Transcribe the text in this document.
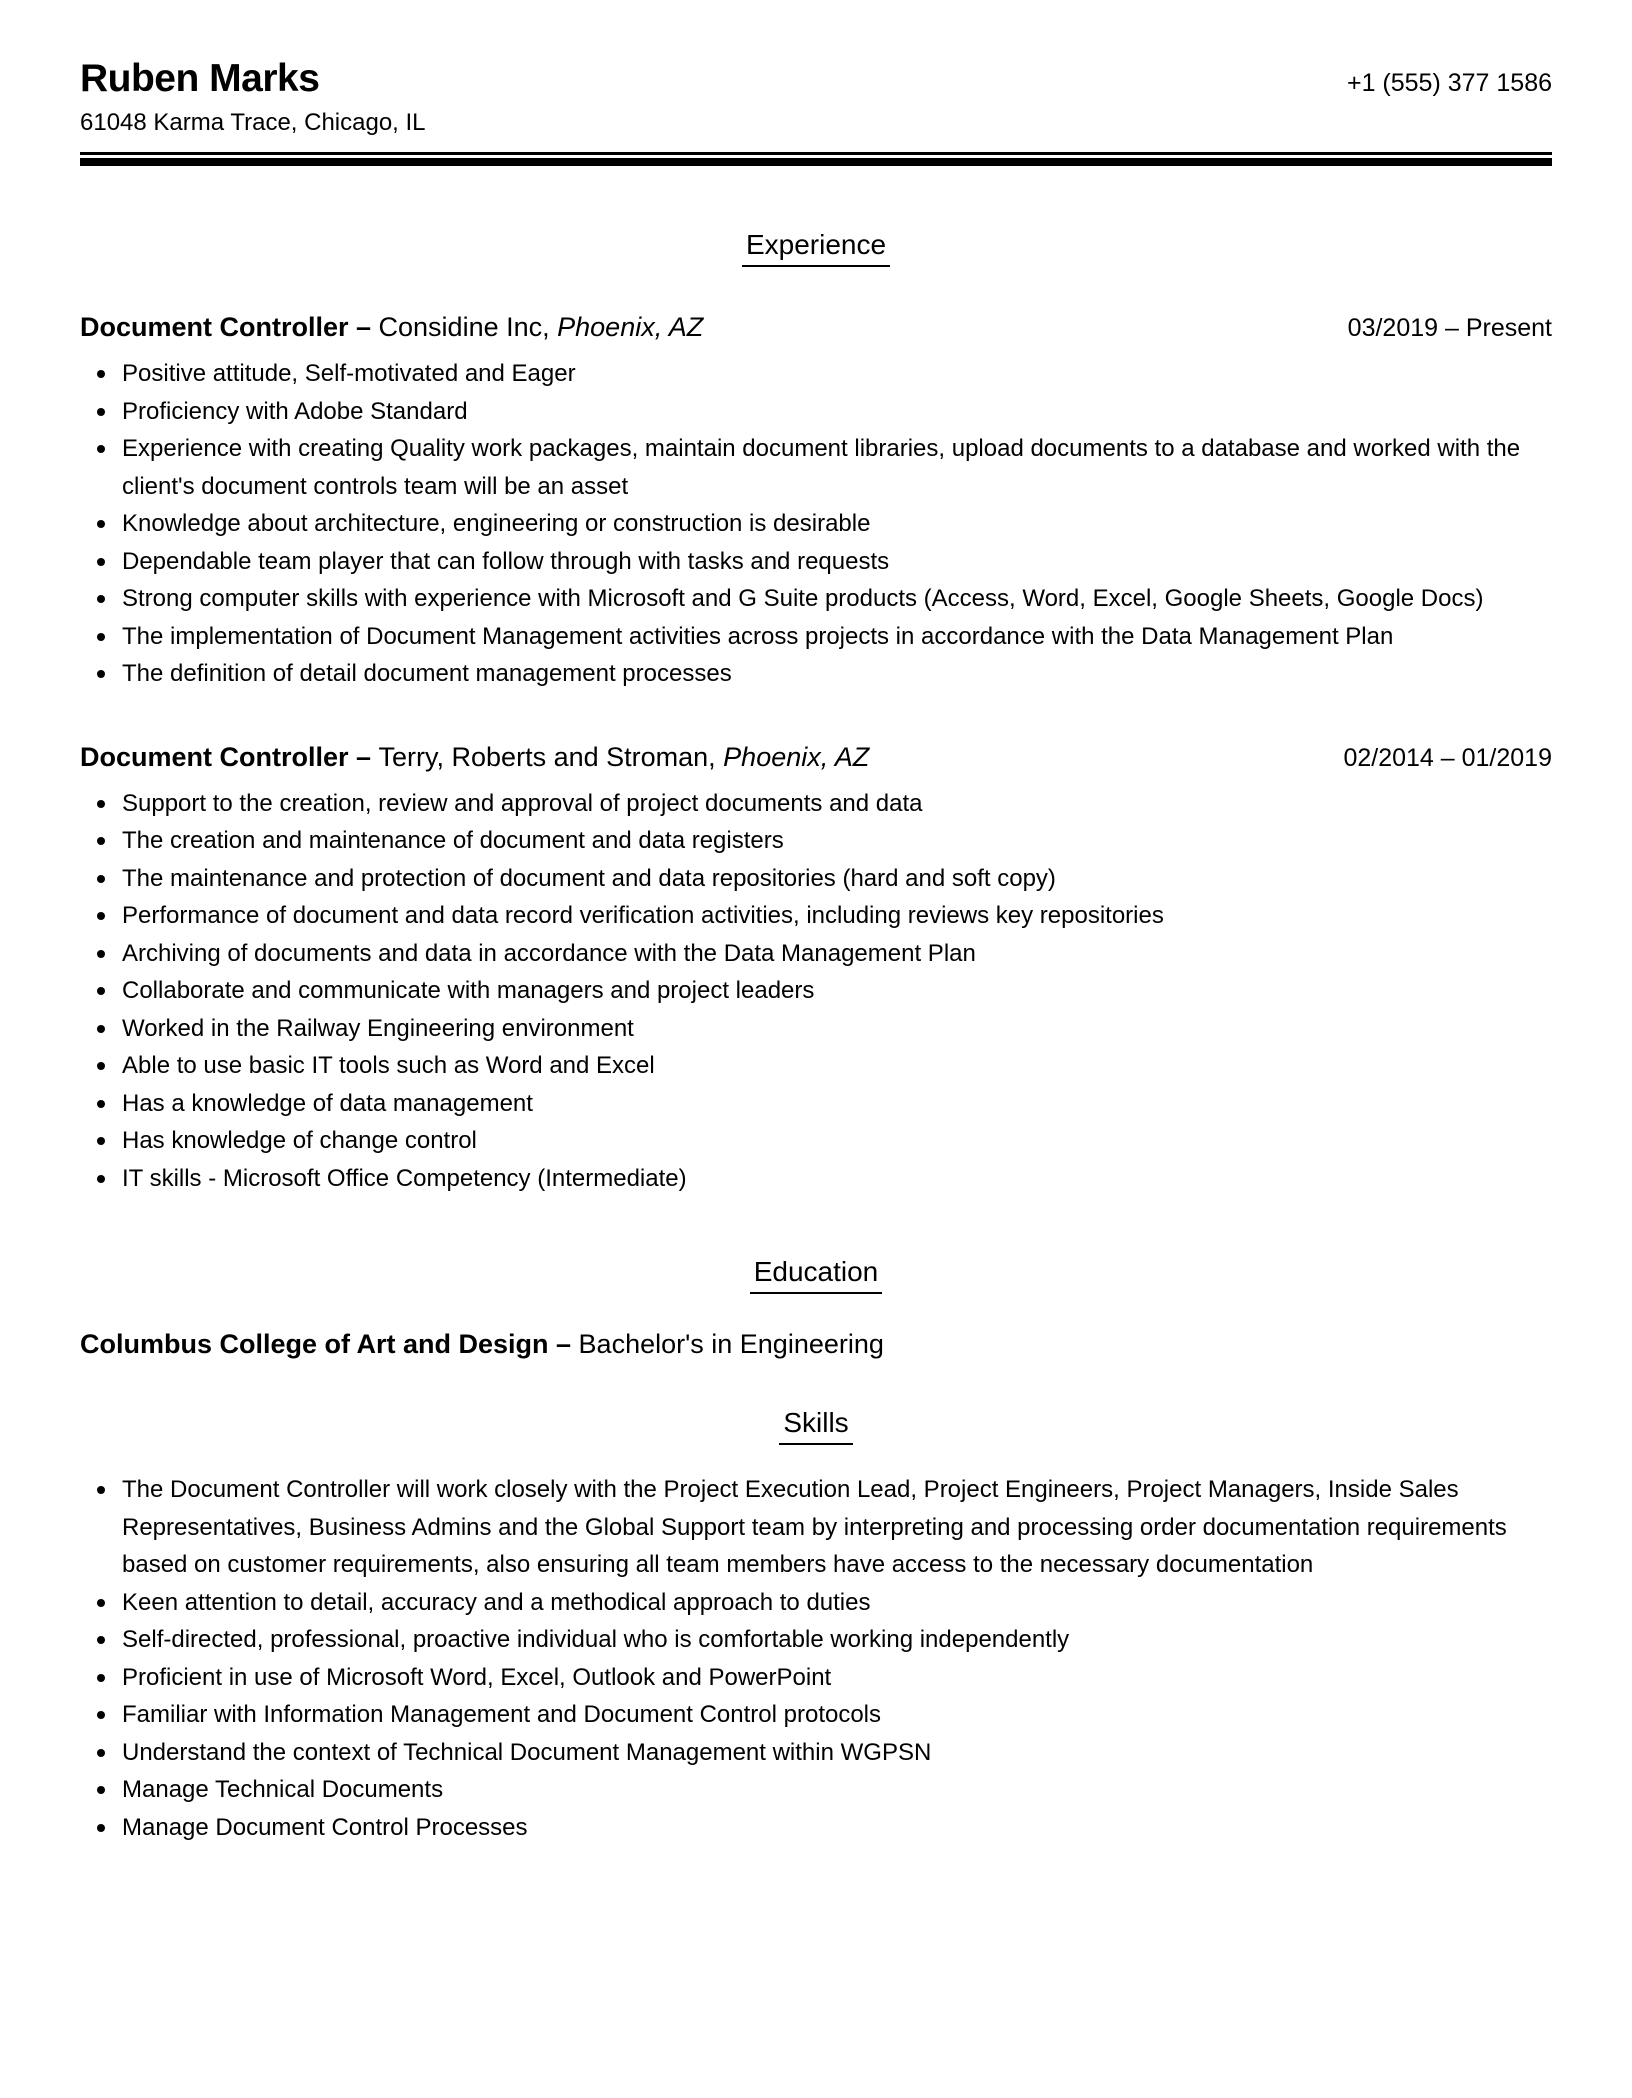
Ruben Marks	+1 (555) 377 1586
61048 Karma Trace, Chicago, IL
Experience
Document Controller – Considine Inc, Phoenix, AZ	03/2019 – Present
Positive attitude, Self-motivated and Eager
Proficiency with Adobe Standard
Experience with creating Quality work packages, maintain document libraries, upload documents to a database and worked with the client's document controls team will be an asset
Knowledge about architecture, engineering or construction is desirable
Dependable team player that can follow through with tasks and requests
Strong computer skills with experience with Microsoft and G Suite products (Access, Word, Excel, Google Sheets, Google Docs)
The implementation of Document Management activities across projects in accordance with the Data Management Plan
The definition of detail document management processes
Document Controller – Terry, Roberts and Stroman, Phoenix, AZ	02/2014 – 01/2019
Support to the creation, review and approval of project documents and data
The creation and maintenance of document and data registers
The maintenance and protection of document and data repositories (hard and soft copy)
Performance of document and data record verification activities, including reviews key repositories
Archiving of documents and data in accordance with the Data Management Plan
Collaborate and communicate with managers and project leaders
Worked in the Railway Engineering environment
Able to use basic IT tools such as Word and Excel
Has a knowledge of data management
Has knowledge of change control
IT skills - Microsoft Office Competency (Intermediate)
Education
Columbus College of Art and Design – Bachelor's in Engineering
Skills
The Document Controller will work closely with the Project Execution Lead, Project Engineers, Project Managers, Inside Sales Representatives, Business Admins and the Global Support team by interpreting and processing order documentation requirements based on customer requirements, also ensuring all team members have access to the necessary documentation
Keen attention to detail, accuracy and a methodical approach to duties
Self-directed, professional, proactive individual who is comfortable working independently
Proficient in use of Microsoft Word, Excel, Outlook and PowerPoint
Familiar with Information Management and Document Control protocols
Understand the context of Technical Document Management within WGPSN
Manage Technical Documents
Manage Document Control Processes
